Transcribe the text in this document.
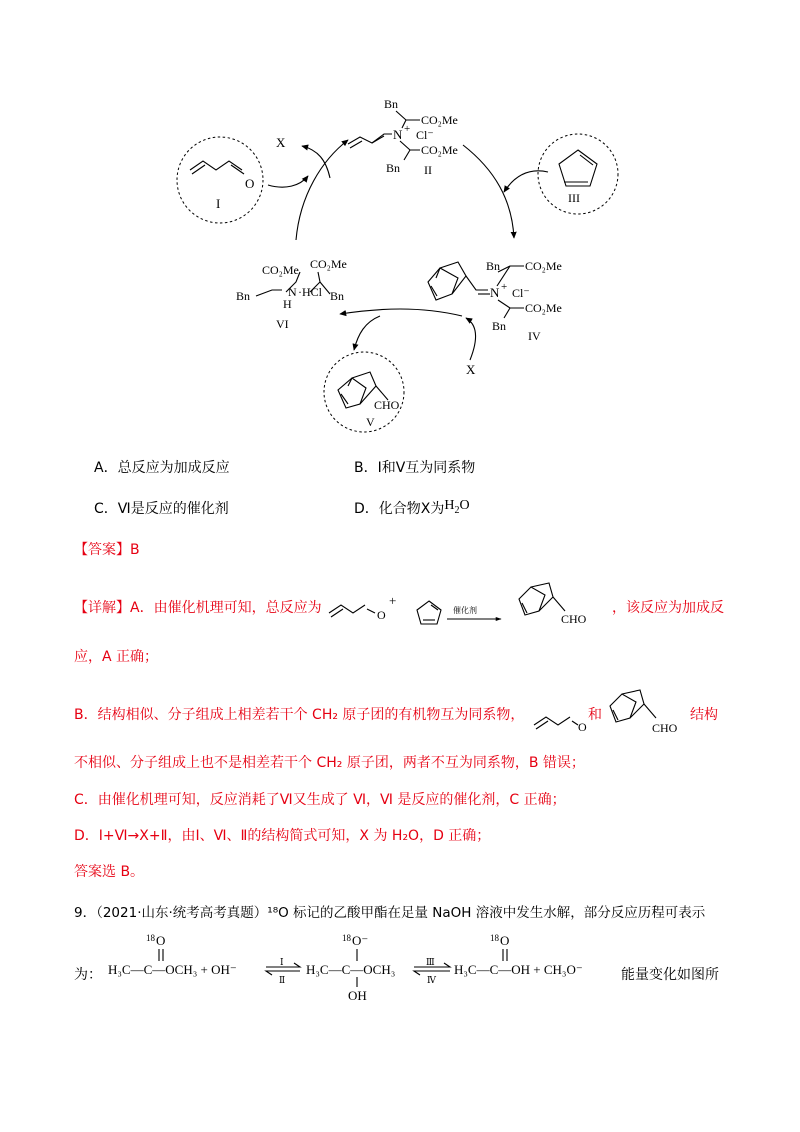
O
I	III
CHO
V
Bn
CO₂Me
N + Cl⁻
CO₂Me
Bn II
X
N + Cl⁻
Bn CO₂Me
CO₂Me
Bn
IV
X
CO₂Me
CO₂Me
Bn	N ·HCl
H
Bn
VI
A．总反应为加成反应	B．Ⅰ和Ⅴ互为同系物
C．Ⅵ是反应的催化剂	D．化合物X为$H_2O$
【答案】B
【详解】A．由催化机理可知，总反应为	O
+
催化剂
CHO
，该反应为加成反
应，A 正确；
B．结构相似、分子组成上相差若干个 CH₂ 原子团的有机物互为同系物，
O
和
CHO
结构
不相似、分子组成上也不是相差若干个 CH₂ 原子团，两者不互为同系物，B 错误；
C．由催化机理可知，反应消耗了Ⅵ又生成了 Ⅵ，Ⅵ 是反应的催化剂，C 正确；
D．Ⅰ+Ⅵ→X+Ⅱ，由Ⅰ、Ⅵ、Ⅱ的结构简式可知，X 为 H₂O，D 正确；
答案选 B。
9．（2021·山东·统考高考真题）¹⁸O 标记的乙酸甲酯在足量 NaOH 溶液中发生水解，部分反应历程可表示
为：
18 O
H₃C—C—OCH₃ + OH⁻	Ⅰ
Ⅱ
18 O⁻
H₃C—C—OCH₃
OH
Ⅲ
Ⅳ
18 O
H₃C—C—OH + CH₃O⁻	能量变化如图所
